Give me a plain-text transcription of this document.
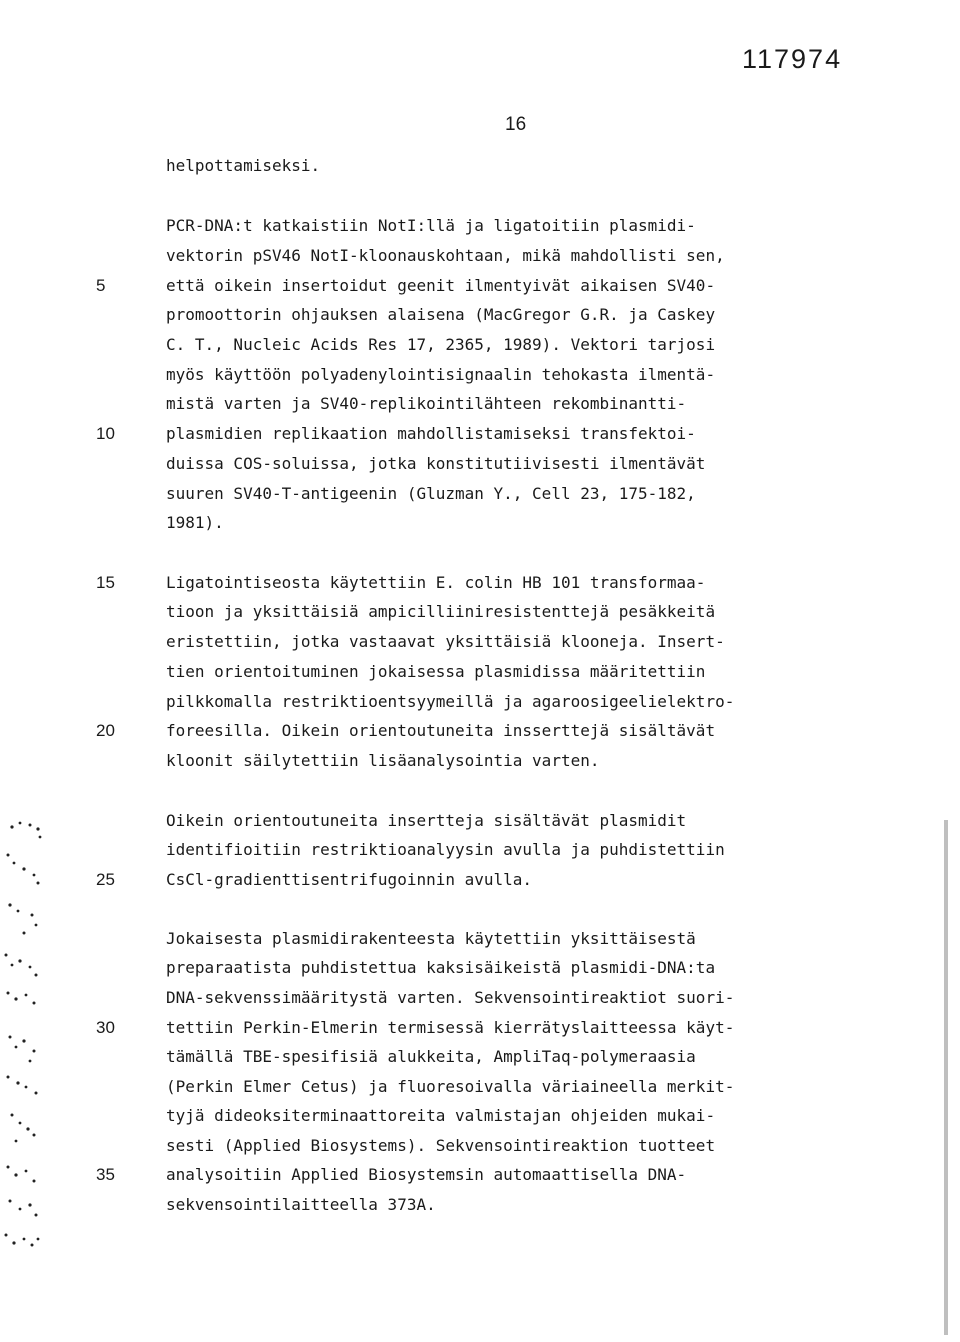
117974
16
helpottamiseksi.
PCR-DNA:t katkaistiin NotI:llä ja ligatoitiin plasmidi-
vektorin pSV46 NotI-kloonauskohtaan, mikä mahdollisti sen,
että oikein insertoidut geenit ilmentyivät aikaisen SV40-
promoottorin ohjauksen alaisena (MacGregor G.R. ja Caskey
C. T., Nucleic Acids Res 17, 2365, 1989). Vektori tarjosi
myös käyttöön polyadenylointisignaalin tehokasta ilmentä-
mistä varten ja SV40-replikointilähteen rekombinantti-
plasmidien replikaation mahdollistamiseksi transfektoi-
duissa COS-soluissa, jotka konstitutiivisesti ilmentävät
suuren SV40-T-antigeenin (Gluzman Y., Cell 23, 175-182,
1981).
Ligatointiseosta käytettiin E. colin HB 101 transformaa-
tioon ja yksittäisiä ampicilliiniresistenttejä pesäkkeitä
eristettiin, jotka vastaavat yksittäisiä klooneja. Insert-
tien orientoituminen jokaisessa plasmidissa määritettiin
pilkkomalla restriktioentsyymeillä ja agaroosigeelielektro-
foreesilla. Oikein orientoutuneita insserttejä sisältävät
kloonit säilytettiin lisäanalysointia varten.
Oikein orientoutuneita insertteja sisältävät plasmidit
identifioitiin restriktioanalyysin avulla ja puhdistettiin
CsCl-gradienttisentrifugoinnin avulla.
Jokaisesta plasmidirakenteesta käytettiin yksittäisestä
preparaatista puhdistettua kaksisäikeistä plasmidi-DNA:ta
DNA-sekvenssimääritystä varten. Sekvensointireaktiot suori-
tettiin Perkin-Elmerin termisessä kierrätyslaitteessa käyt-
tämällä TBE-spesifisiä alukkeita, AmpliTaq-polymeraasia
(Perkin Elmer Cetus) ja fluoresoivalla väriaineella merkit-
tyjä dideoksiterminaattoreita valmistajan ohjeiden mukai-
sesti (Applied Biosystems). Sekvensointireaktion tuotteet
analysoitiin Applied Biosystemsin automaattisella DNA-
sekvensointilaitteella 373A.
5
10
15
20
25
30
35
